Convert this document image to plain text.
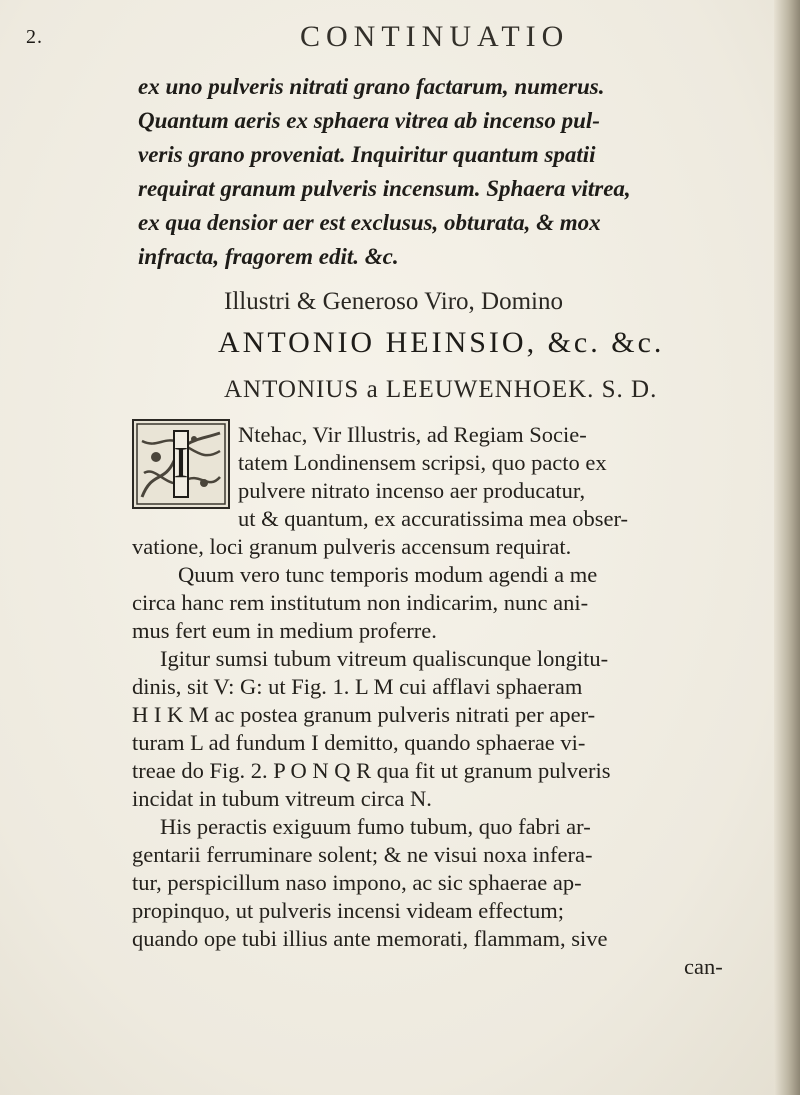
2.	CONTINUATIO
ex uno pulveris nitrati grano factarum, numerus.
Quantum aeris ex sphaera vitrea ab incenso pul-
veris grano proveniat. Inquiritur quantum spatii
requirat granum pulveris incensum. Sphaera vitrea,
ex qua densior aer est exclusus, obturata, & mox
infracta, fragorem edit. &c.
Illustri & Generoso Viro, Domino
ANTONIO HEINSIO, &c. &c.
ANTONIUS a LEEUWENHOEK. S. D.
I
Ntehac, Vir Illustris, ad Regiam Socie-
tatem Londinensem scripsi, quo pacto ex
pulvere nitrato incenso aer producatur,
ut & quantum, ex accuratissima mea obser-
vatione, loci granum pulveris accensum requirat.
Quum vero tunc temporis modum agendi a me
circa hanc rem institutum non indicarim, nunc ani-
mus fert eum in medium proferre.
Igitur sumsi tubum vitreum qualiscunque longitu-
dinis, sit V: G: ut Fig. 1. L M cui afflavi sphaeram
H I K M ac postea granum pulveris nitrati per aper-
turam L ad fundum I demitto, quando sphaerae vi-
treae do Fig. 2. P O N Q R qua fit ut granum pulveris
incidat in tubum vitreum circa N.
His peractis exiguum fumo tubum, quo fabri ar-
gentarii ferruminare solent; & ne visui noxa infera-
tur, perspicillum naso impono, ac sic sphaerae ap-
propinquo, ut pulveris incensi videam effectum;
quando ope tubi illius ante memorati, flammam, sive
can-
